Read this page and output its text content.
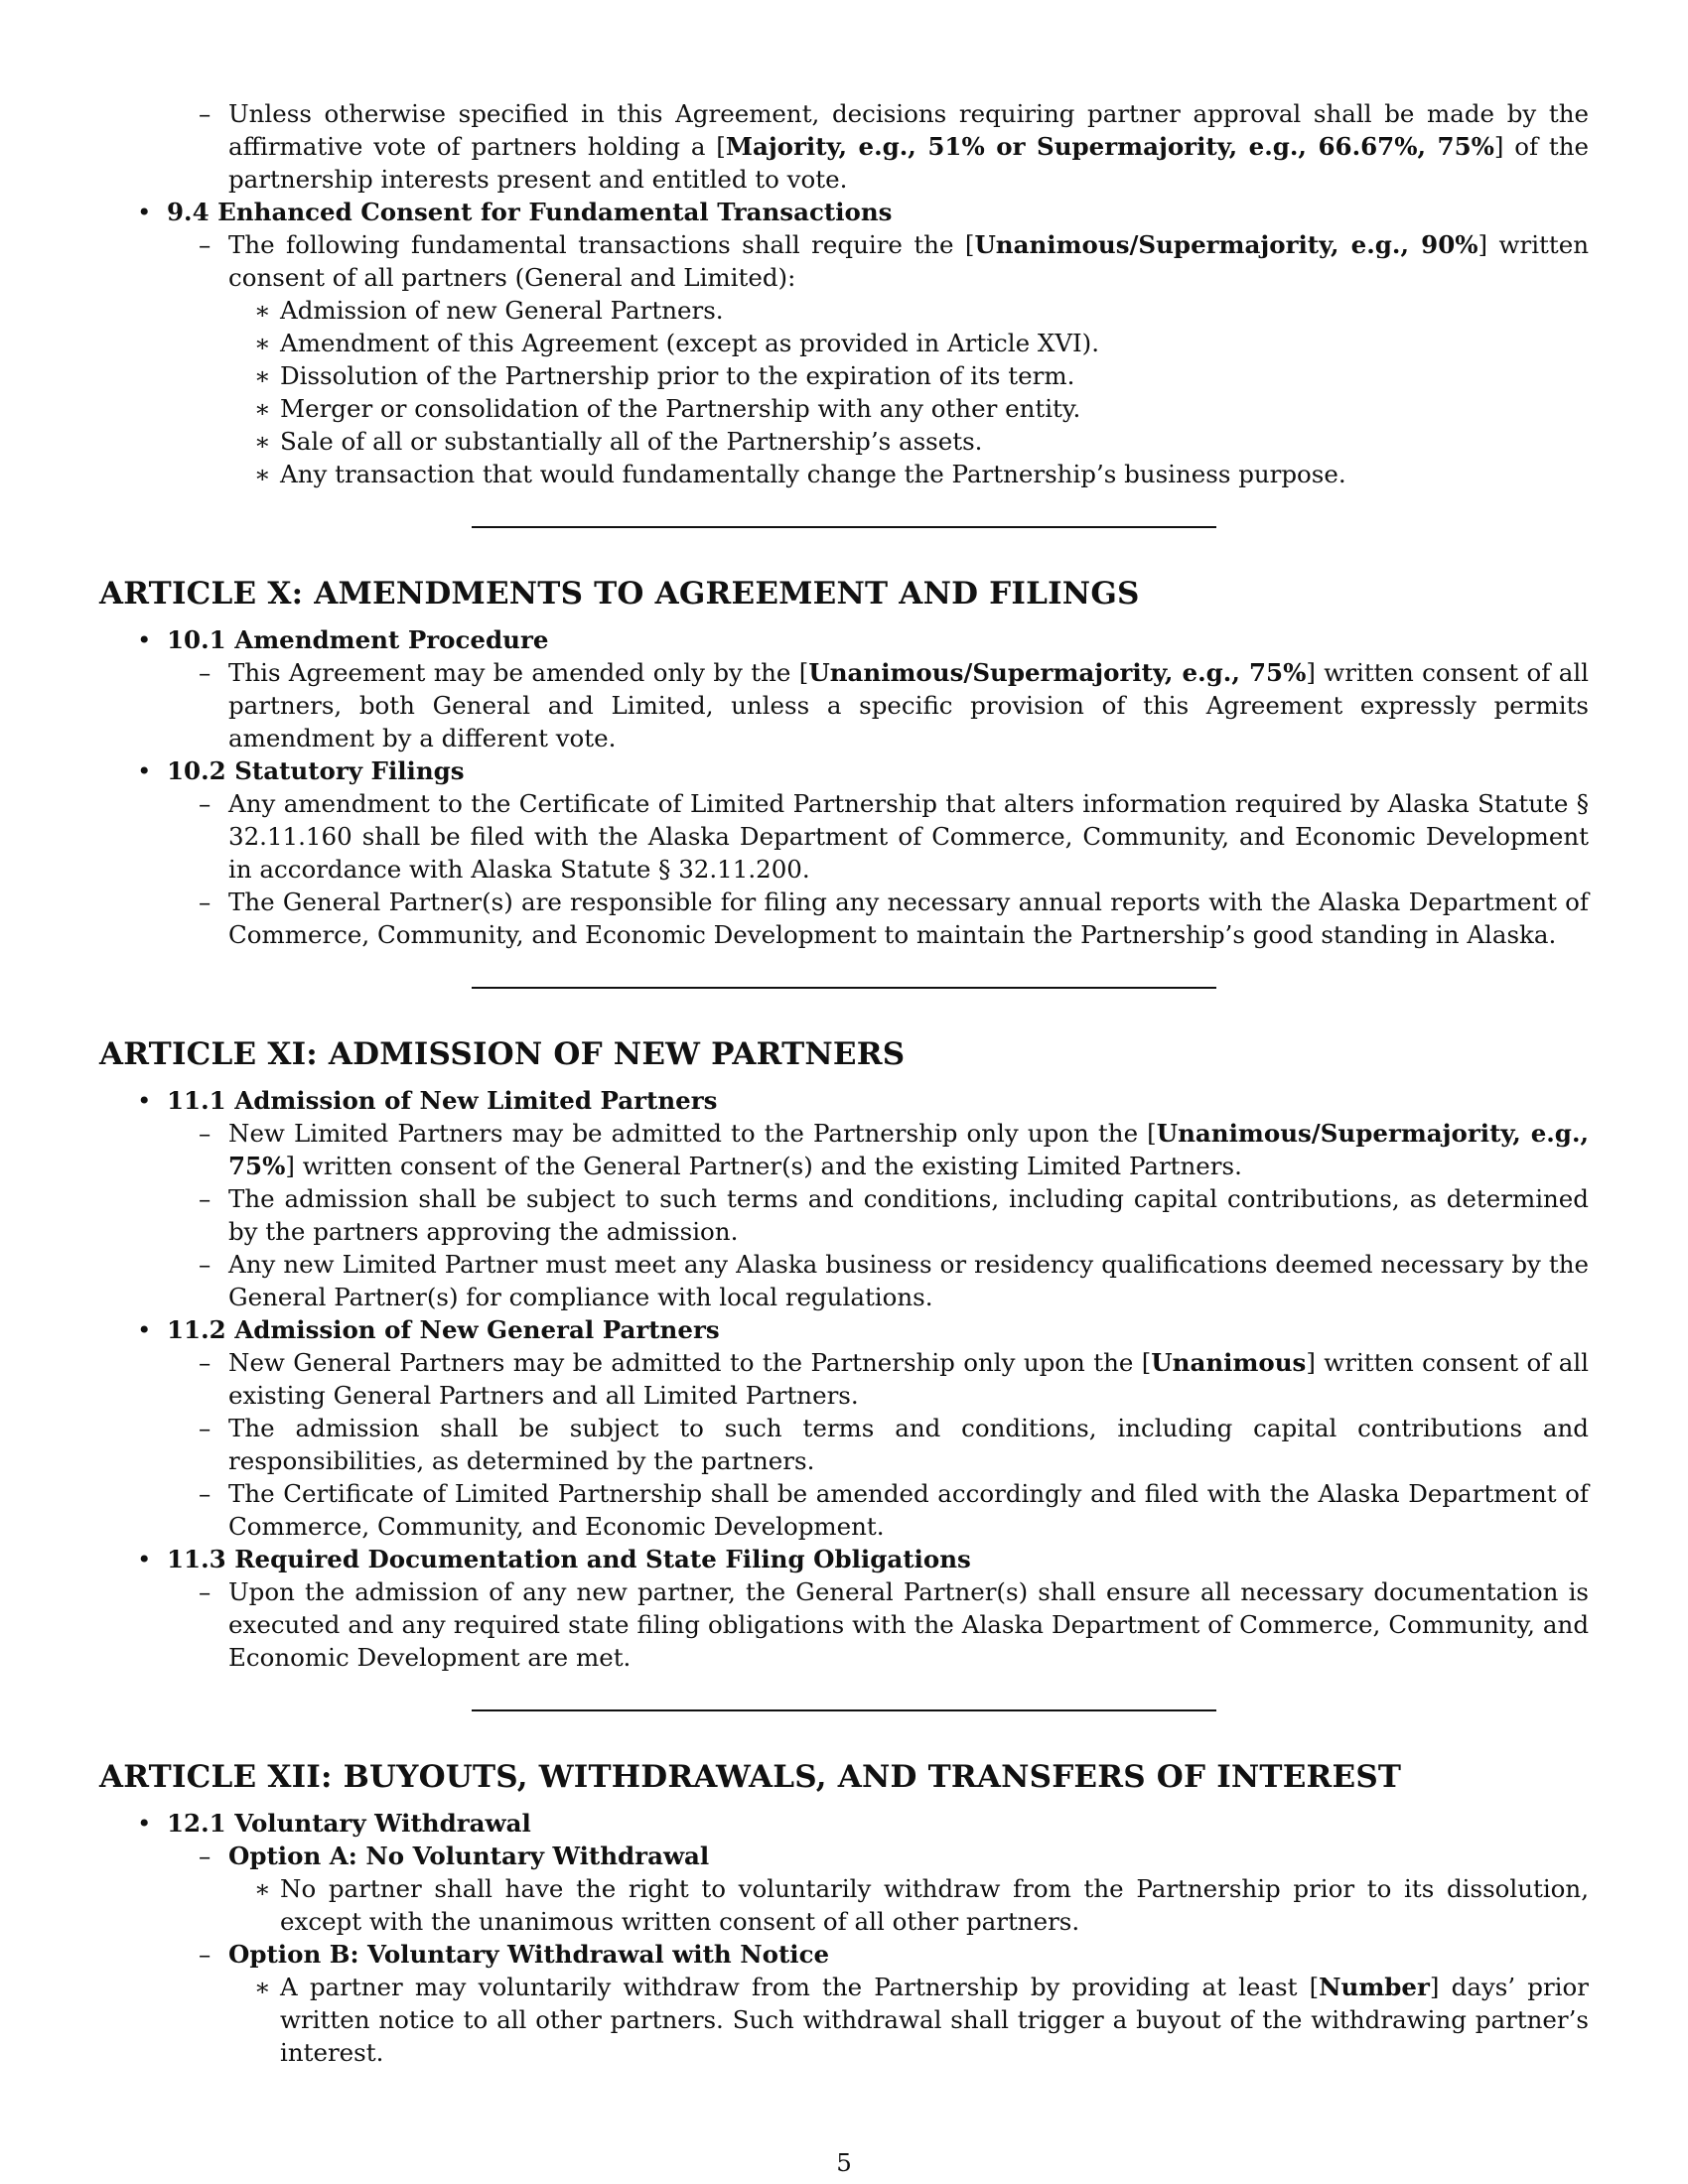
– Unless otherwise specified in this Agreement, decisions requiring partner approval shall be made by the affirmative vote of partners holding a [Majority, e.g., 51% or Supermajority, e.g., 66.67%, 75%] of the partnership interests present and entitled to vote.

• 9.4 Enhanced Consent for Fundamental Transactions

– The following fundamental transactions shall require the [Unanimous/Supermajority, e.g., 90%] written consent of all partners (General and Limited):

∗ Admission of new General Partners.

∗ Amendment of this Agreement (except as provided in Article XVI).

∗ Dissolution of the Partnership prior to the expiration of its term.

∗ Merger or consolidation of the Partnership with any other entity.

∗ Sale of all or substantially all of the Partnership’s assets.

∗ Any transaction that would fundamentally change the Partnership’s business purpose.

ARTICLE X: AMENDMENTS TO AGREEMENT AND FILINGS

• 10.1 Amendment Procedure

– This Agreement may be amended only by the [Unanimous/Supermajority, e.g., 75%] written consent of all partners, both General and Limited, unless a specific provision of this Agreement expressly permits amendment by a different vote.

• 10.2 Statutory Filings

– Any amendment to the Certificate of Limited Partnership that alters information required by Alaska Statute § 32.11.160 shall be filed with the Alaska Department of Commerce, Community, and Economic Development in accordance with Alaska Statute § 32.11.200.

– The General Partner(s) are responsible for filing any necessary annual reports with the Alaska Department of Commerce, Community, and Economic Development to maintain the Partnership’s good standing in Alaska.

ARTICLE XI: ADMISSION OF NEW PARTNERS

• 11.1 Admission of New Limited Partners

– New Limited Partners may be admitted to the Partnership only upon the [Unanimous/Supermajority, e.g., 75%] written consent of the General Partner(s) and the existing Limited Partners.

– The admission shall be subject to such terms and conditions, including capital contributions, as determined by the partners approving the admission.

– Any new Limited Partner must meet any Alaska business or residency qualifications deemed necessary by the General Partner(s) for compliance with local regulations.

• 11.2 Admission of New General Partners

– New General Partners may be admitted to the Partnership only upon the [Unanimous] written consent of all existing General Partners and all Limited Partners.

– The admission shall be subject to such terms and conditions, including capital contributions and responsibilities, as determined by the partners.

– The Certificate of Limited Partnership shall be amended accordingly and filed with the Alaska Department of Commerce, Community, and Economic Development.

• 11.3 Required Documentation and State Filing Obligations

– Upon the admission of any new partner, the General Partner(s) shall ensure all necessary documentation is executed and any required state filing obligations with the Alaska Department of Commerce, Community, and Economic Development are met.

ARTICLE XII: BUYOUTS, WITHDRAWALS, AND TRANSFERS OF INTEREST

• 12.1 Voluntary Withdrawal

– Option A: No Voluntary Withdrawal

∗ No partner shall have the right to voluntarily withdraw from the Partnership prior to its dissolution, except with the unanimous written consent of all other partners.

– Option B: Voluntary Withdrawal with Notice

∗ A partner may voluntarily withdraw from the Partnership by providing at least [Number] days’ prior written notice to all other partners. Such withdrawal shall trigger a buyout of the withdrawing partner’s interest.

5
